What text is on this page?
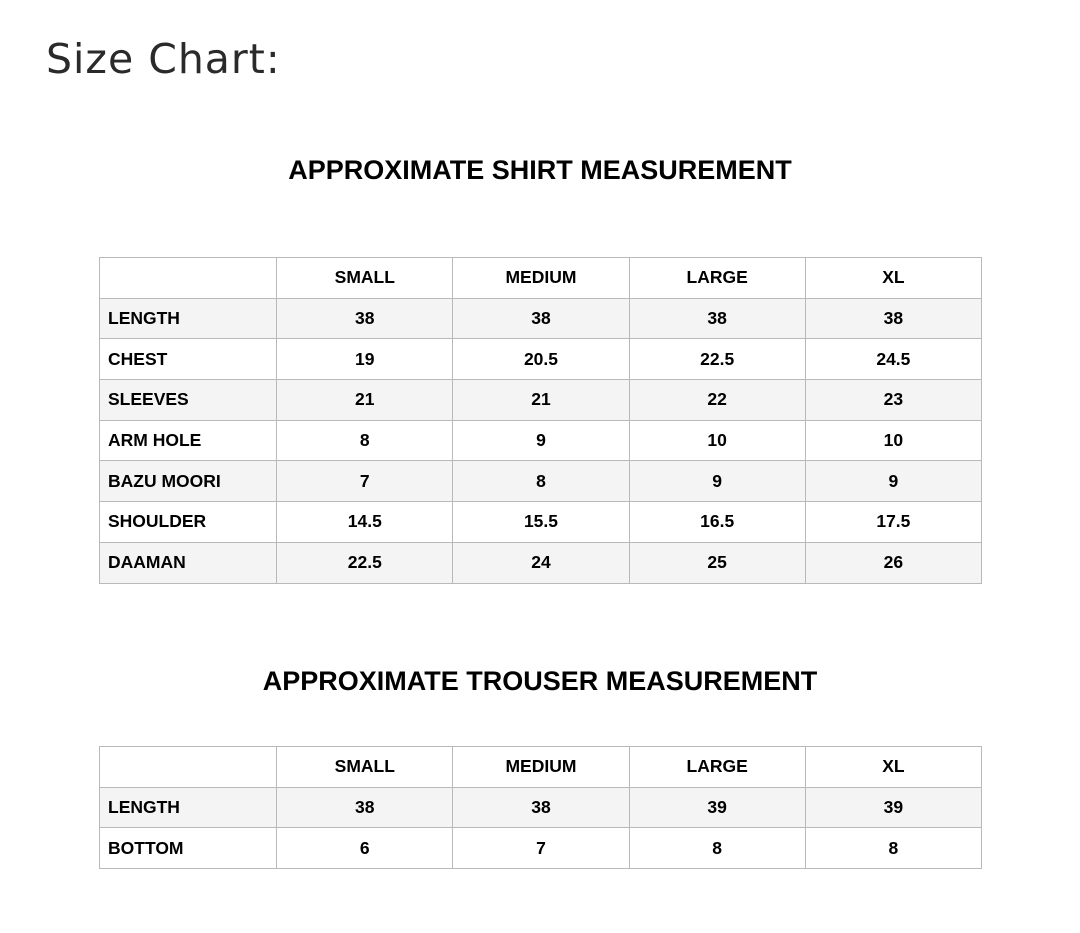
Size Chart:
APPROXIMATE SHIRT MEASUREMENT
	SMALL	MEDIUM	LARGE	XL
LENGTH	38	38	38	38
CHEST	19	20.5	22.5	24.5
SLEEVES	21	21	22	23
ARM HOLE	8	9	10	10
BAZU MOORI	7	8	9	9
SHOULDER	14.5	15.5	16.5	17.5
DAAMAN	22.5	24	25	26
APPROXIMATE TROUSER MEASUREMENT
	SMALL	MEDIUM	LARGE	XL
LENGTH	38	38	39	39
BOTTOM	6	7	8	8
